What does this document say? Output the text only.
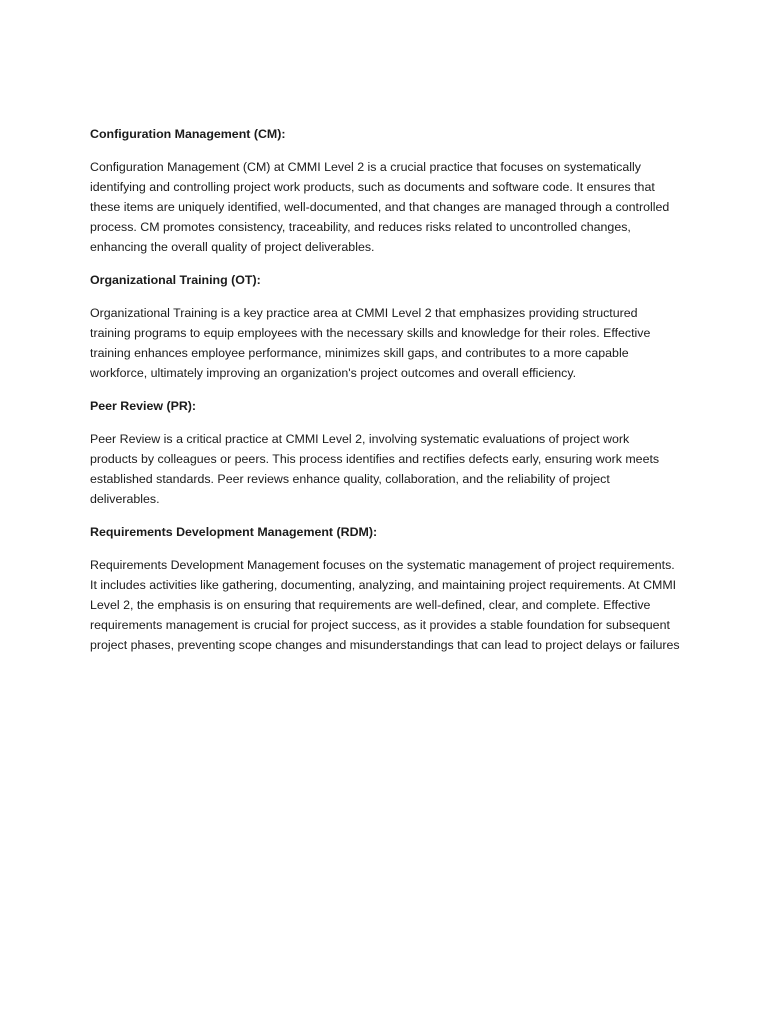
Configuration Management (CM):
Configuration Management (CM) at CMMI Level 2 is a crucial practice that focuses on systematically identifying and controlling project work products, such as documents and software code. It ensures that these items are uniquely identified, well-documented, and that changes are managed through a controlled process. CM promotes consistency, traceability, and reduces risks related to uncontrolled changes, enhancing the overall quality of project deliverables.
Organizational Training (OT):
Organizational Training is a key practice area at CMMI Level 2 that emphasizes providing structured training programs to equip employees with the necessary skills and knowledge for their roles. Effective training enhances employee performance, minimizes skill gaps, and contributes to a more capable workforce, ultimately improving an organization's project outcomes and overall efficiency.
Peer Review (PR):
Peer Review is a critical practice at CMMI Level 2, involving systematic evaluations of project work products by colleagues or peers. This process identifies and rectifies defects early, ensuring work meets established standards. Peer reviews enhance quality, collaboration, and the reliability of project deliverables.
Requirements Development Management (RDM):
Requirements Development Management focuses on the systematic management of project requirements. It includes activities like gathering, documenting, analyzing, and maintaining project requirements. At CMMI Level 2, the emphasis is on ensuring that requirements are well-defined, clear, and complete. Effective requirements management is crucial for project success, as it provides a stable foundation for subsequent project phases, preventing scope changes and misunderstandings that can lead to project delays or failures
